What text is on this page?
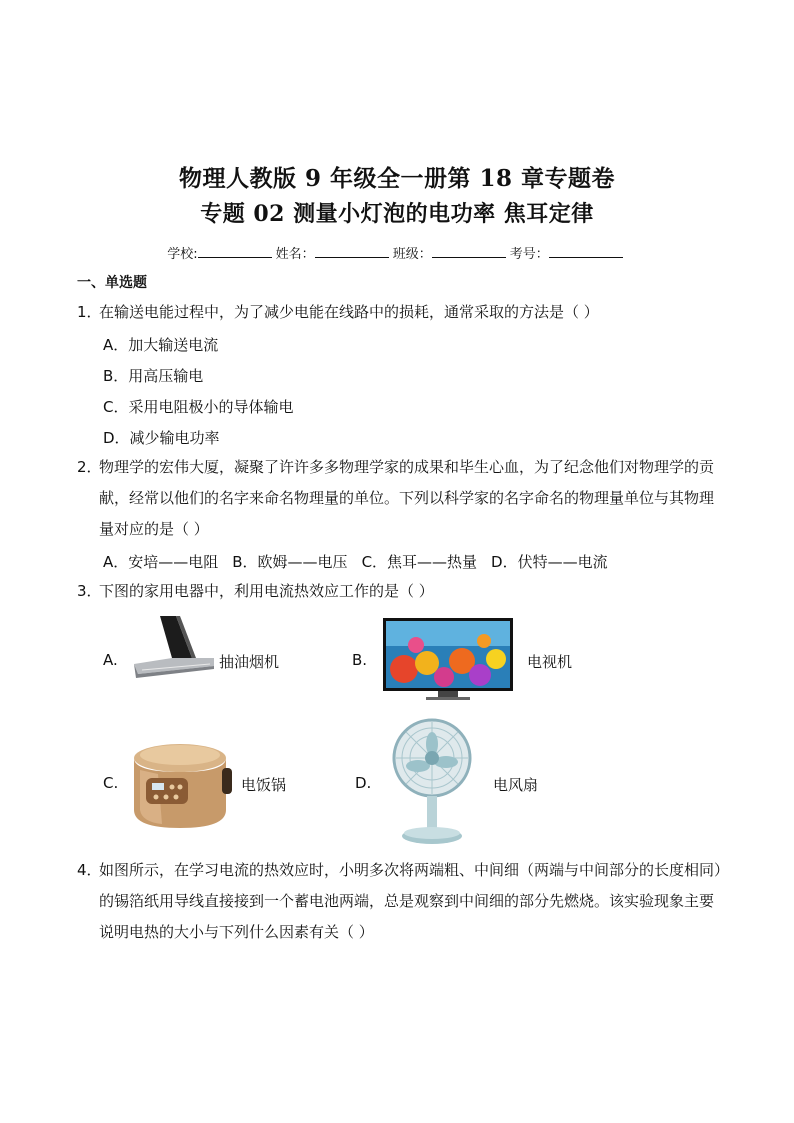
物理人教版 9 年级全一册第 18 章专题卷
专题 02 测量小灯泡的电功率 焦耳定律
学校:	姓名：	班级：	考号：
一、单选题
1．
在输送电能过程中，为了减少电能在线路中的损耗，通常采取的方法是（ ）
A．加大输送电流
B．用高压输电
C．采用电阻极小的导体输电
D．减少输电功率
2．
物理学的宏伟大厦，凝聚了许许多多物理学家的成果和毕生心血，为了纪念他们对物理学的贡献，经常以他们的名字来命名物理量的单位。下列以科学家的名字命名的物理量单位与其物理量对应的是（ ）
A．安培——电阻 B．欧姆——电压 C．焦耳——热量 D．伏特——电流
3．
下图的家用电器中，利用电流热效应工作的是（ ）
A.	抽油烟机	B.	电视机
C.	电饭锅	D.	电风扇
4．
如图所示，在学习电流的热效应时，小明多次将两端粗、中间细（两端与中间部分的长度相同）的锡箔纸用导线直接接到一个蓄电池两端，总是观察到中间细的部分先燃烧。该实验现象主要说明电热的大小与下列什么因素有关（ ）
